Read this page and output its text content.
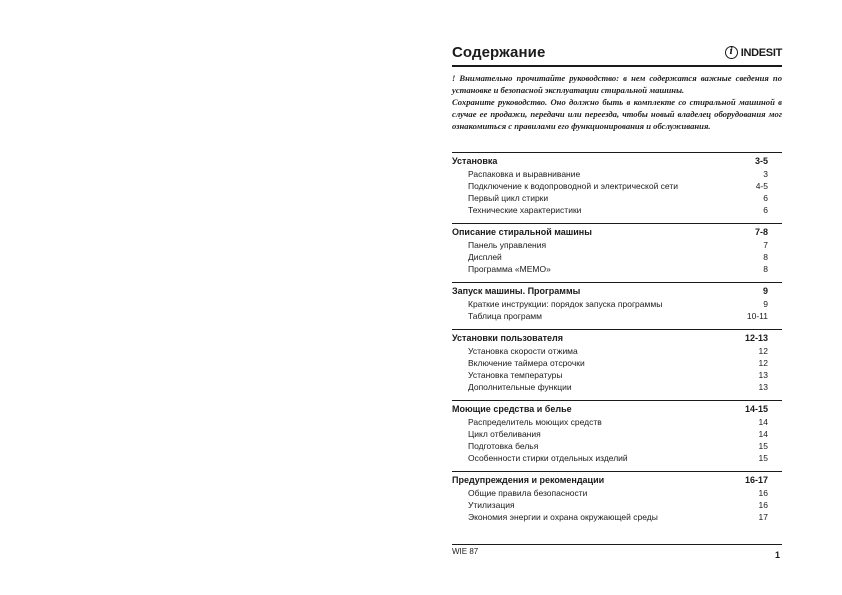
Содержание	i INDESIT

! Внимательно прочитайте руководство: в нем содержатся важные сведения по установке и безопасной эксплуатации стиральной машины.

Сохраните руководство. Оно должно быть в комплекте со стиральной машиной в случае ее продажи, передачи или переезда, чтобы новый владелец оборудования мог ознакомиться с правилами его функционирования и обслуживания.

Установка	3-5
Распаковка и выравнивание	3
Подключение к водопроводной и электрической сети	4-5
Первый цикл стирки	6
Технические характеристики	6
Описание стиральной машины	7-8
Панель управления	7
Дисплей	8
Программа «MEMO»	8
Запуск машины. Программы	9
Краткие инструкции: порядок запуска программы	9
Таблица программ	10-11
Установки пользователя	12-13
Установка скорости отжима	12
Включение таймера отсрочки	12
Установка температуры	13
Дополнительные функции	13
Моющие средства и белье	14-15
Распределитель моющих средств	14
Цикл отбеливания	14
Подготовка белья	15
Особенности стирки отдельных изделий	15
Предупреждения и рекомендации	16-17
Общие правила безопасности	16
Утилизация	16
Экономия энергии и охрана окружающей среды	17
WIE 87	1
